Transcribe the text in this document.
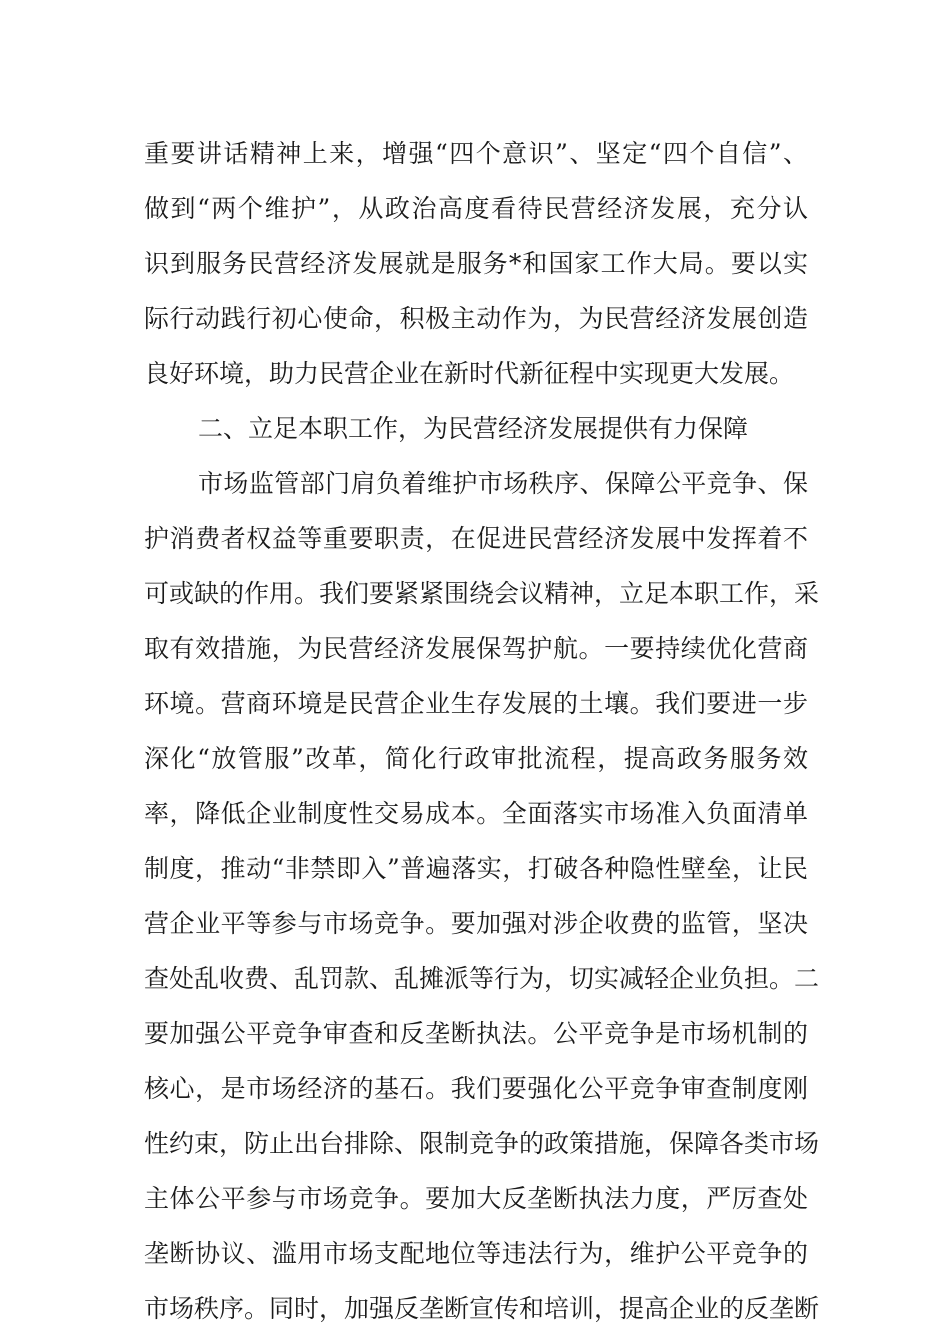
重要讲话精神上来，增强“四个意识”、坚定“四个自信”、
做到“两个维护”，从政治高度看待民营经济发展，充分认
识到服务民营经济发展就是服务*和国家工作大局。要以实
际行动践行初心使命，积极主动作为，为民营经济发展创造
良好环境，助力民营企业在新时代新征程中实现更大发展。
二、立足本职工作，为民营经济发展提供有力保障
市场监管部门肩负着维护市场秩序、保障公平竞争、保
护消费者权益等重要职责，在促进民营经济发展中发挥着不
可或缺的作用。我们要紧紧围绕会议精神，立足本职工作，采
取有效措施，为民营经济发展保驾护航。一要持续优化营商
环境。营商环境是民营企业生存发展的土壤。我们要进一步
深化“放管服”改革，简化行政审批流程，提高政务服务效
率，降低企业制度性交易成本。全面落实市场准入负面清单
制度，推动“非禁即入”普遍落实，打破各种隐性壁垒，让民
营企业平等参与市场竞争。要加强对涉企收费的监管，坚决
查处乱收费、乱罚款、乱摊派等行为，切实减轻企业负担。二
要加强公平竞争审查和反垄断执法。公平竞争是市场机制的
核心，是市场经济的基石。我们要强化公平竞争审查制度刚
性约束，防止出台排除、限制竞争的政策措施，保障各类市场
主体公平参与市场竞争。要加大反垄断执法力度，严厉查处
垄断协议、滥用市场支配地位等违法行为，维护公平竞争的
市场秩序。同时，加强反垄断宣传和培训，提高企业的反垄断
